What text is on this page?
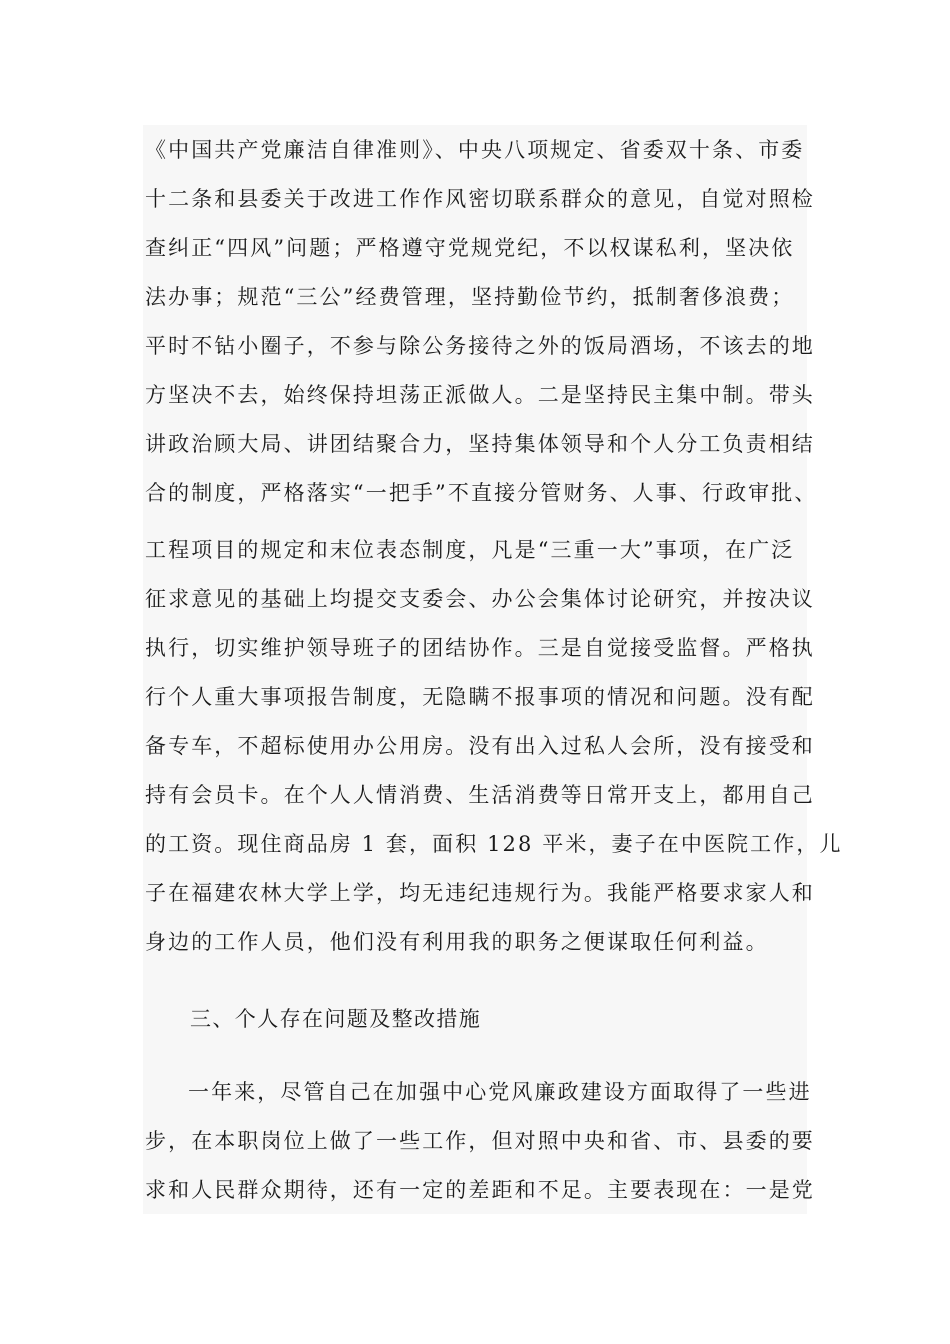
《中国共产党廉洁自律准则》、中央八项规定、省委双十条、市委
十二条和县委关于改进工作作风密切联系群众的意见，自觉对照检
查纠正“四风”问题；严格遵守党规党纪，不以权谋私利，坚决依
法办事；规范“三公”经费管理，坚持勤俭节约，抵制奢侈浪费；
平时不钻小圈子，不参与除公务接待之外的饭局酒场，不该去的地
方坚决不去，始终保持坦荡正派做人。二是坚持民主集中制。带头
讲政治顾大局、讲团结聚合力，坚持集体领导和个人分工负责相结
合的制度，严格落实“一把手”不直接分管财务、人事、行政审批、
工程项目的规定和末位表态制度，凡是“三重一大”事项，在广泛
征求意见的基础上均提交支委会、办公会集体讨论研究，并按决议
执行，切实维护领导班子的团结协作。三是自觉接受监督。严格执
行个人重大事项报告制度，无隐瞒不报事项的情况和问题。没有配
备专车，不超标使用办公用房。没有出入过私人会所，没有接受和
持有会员卡。在个人人情消费、生活消费等日常开支上，都用自己
的工资。现住商品房 1 套，面积 128 平米，妻子在中医院工作，儿
子在福建农林大学上学，均无违纪违规行为。我能严格要求家人和
身边的工作人员，他们没有利用我的职务之便谋取任何利益。
三、个人存在问题及整改措施
一年来，尽管自己在加强中心党风廉政建设方面取得了一些进
步，在本职岗位上做了一些工作，但对照中央和省、市、县委的要
求和人民群众期待，还有一定的差距和不足。主要表现在：一是党
